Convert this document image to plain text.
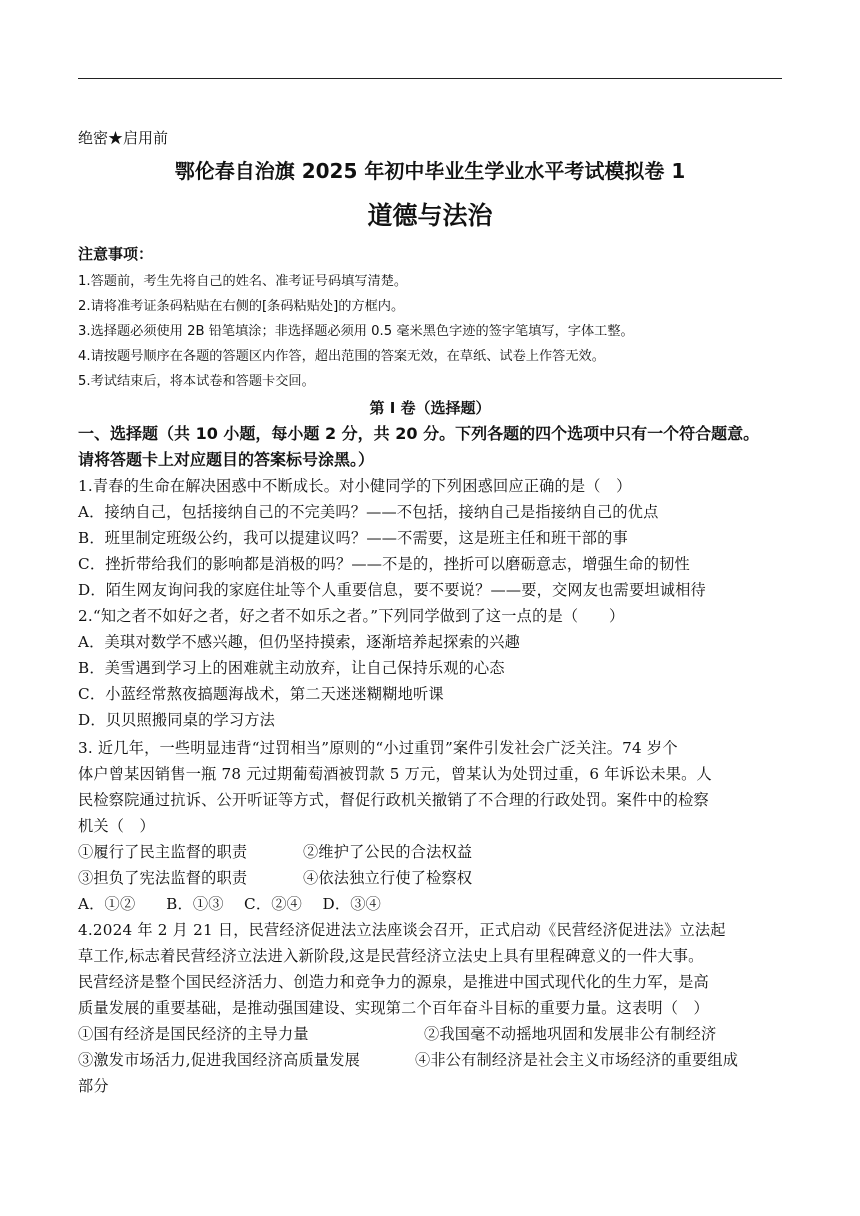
绝密★启用前
鄂伦春自治旗 2025 年初中毕业生学业水平考试模拟卷 1
道德与法治
注意事项：
1.答题前，考生先将自己的姓名、准考证号码填写清楚。
2.请将准考证条码粘贴在右侧的[条码粘贴处]的方框内。
3.选择题必须使用 2B 铅笔填涂；非选择题必须用 0.5 毫米黑色字迹的签字笔填写，字体工整。
4.请按题号顺序在各题的答题区内作答，超出范围的答案无效，在草纸、试卷上作答无效。
5.考试结束后，将本试卷和答题卡交回。
第 I 卷（选择题）
一、选择题（共 10 小题，每小题 2 分，共 20 分。下列各题的四个选项中只有一个符合题意。
请将答题卡上对应题目的答案标号涂黑。）
1.青春的生命在解决困惑中不断成长。对小健同学的下列困惑回应正确的是（　）
A．接纳自己，包括接纳自己的不完美吗？——不包括，接纳自己是指接纳自己的优点
B．班里制定班级公约，我可以提建议吗？——不需要，这是班主任和班干部的事
C．挫折带给我们的影响都是消极的吗？——不是的，挫折可以磨砺意志，增强生命的韧性
D．陌生网友询问我的家庭住址等个人重要信息，要不要说？——要，交网友也需要坦诚相待
2.“知之者不如好之者，好之者不如乐之者。”下列同学做到了这一点的是（　　）
A．美琪对数学不感兴趣，但仍坚持摸索，逐渐培养起探索的兴趣
B．美雪遇到学习上的困难就主动放弃，让自己保持乐观的心态
C．小蓝经常熬夜搞题海战术，第二天迷迷糊糊地听课
D．贝贝照搬同桌的学习方法
3. 近几年，一些明显违背“过罚相当”原则的“小过重罚”案件引发社会广泛关注。74 岁个
体户曾某因销售一瓶 78 元过期葡萄酒被罚款 5 万元，曾某认为处罚过重，6 年诉讼未果。人
民检察院通过抗诉、公开听证等方式，督促行政机关撤销了不合理的行政处罚。案件中的检察
机关（　）
①履行了民主监督的职责	②维护了公民的合法权益
③担负了宪法监督的职责	④依法独立行使了检察权
A．①②　　B．①③　 C．②④　 D．③④
4.2024 年 2 月 21 日，民营经济促进法立法座谈会召开，正式启动《民营经济促进法》立法起
草工作,标志着民营经济立法进入新阶段,这是民营经济立法史上具有里程碑意义的一件大事。
民营经济是整个国民经济活力、创造力和竞争力的源泉，是推进中国式现代化的生力军，是高
质量发展的重要基础，是推动强国建设、实现第二个百年奋斗目标的重要力量。这表明（　）
①国有经济是国民经济的主导力量	②我国毫不动摇地巩固和发展非公有制经济
③激发市场活力,促进我国经济高质量发展	④非公有制经济是社会主义市场经济的重要组成
部分
